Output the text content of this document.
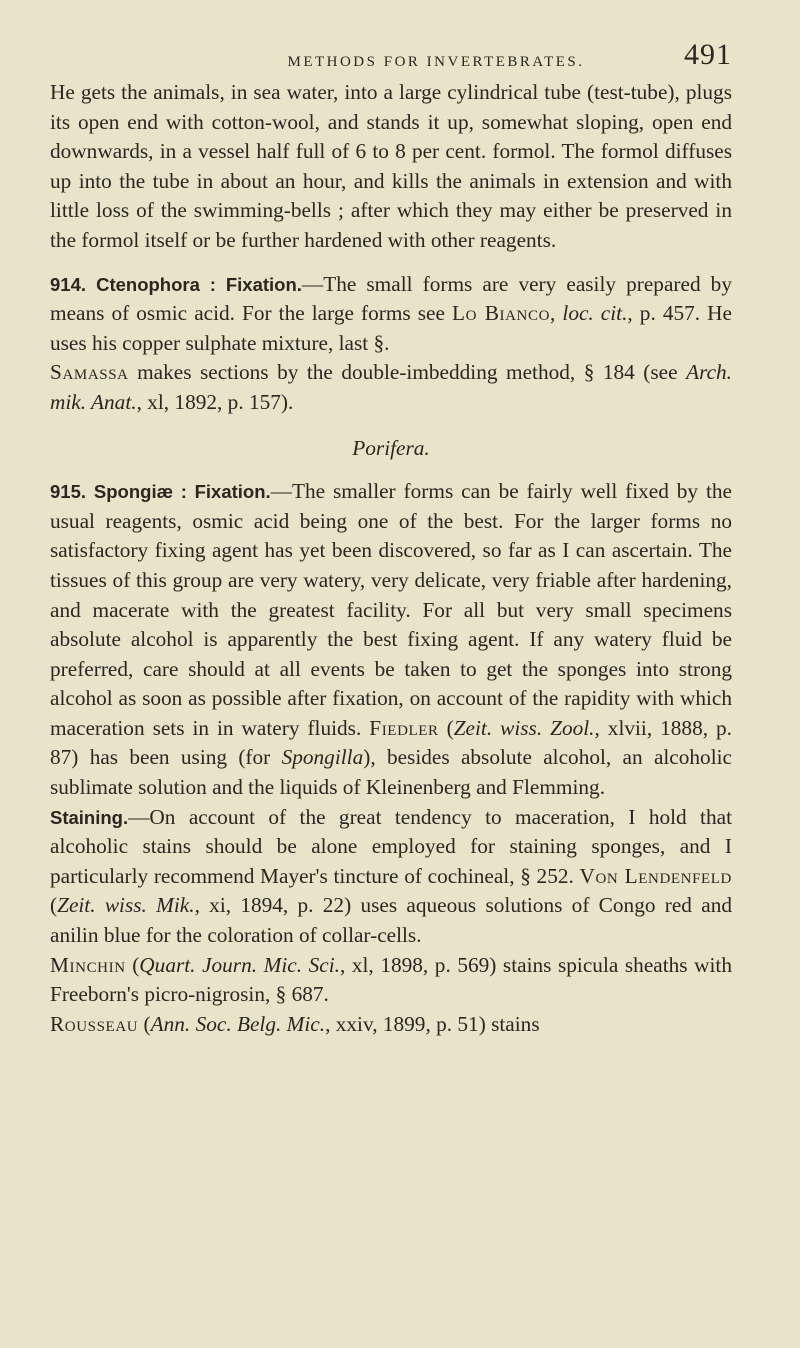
METHODS FOR INVERTEBRATES.	491

He gets the animals, in sea water, into a large cylindrical tube (test-tube), plugs its open end with cotton-wool, and stands it up, somewhat sloping, open end downwards, in a vessel half full of 6 to 8 per cent. formol. The formol diffuses up into the tube in about an hour, and kills the animals in extension and with little loss of the swimming-bells ; after which they may either be preserved in the formol itself or be further hardened with other reagents.

914. Ctenophora : Fixation.—The small forms are very easily prepared by means of osmic acid. For the large forms see Lo Bianco, loc. cit., p. 457. He uses his copper sulphate mixture, last §.

Samassa makes sections by the double-imbedding method, § 184 (see Arch. mik. Anat., xl, 1892, p. 157).

Porifera.

915. Spongiæ : Fixation.—The smaller forms can be fairly well fixed by the usual reagents, osmic acid being one of the best. For the larger forms no satisfactory fixing agent has yet been discovered, so far as I can ascertain. The tissues of this group are very watery, very delicate, very friable after hardening, and macerate with the greatest facility. For all but very small specimens absolute alcohol is apparently the best fixing agent. If any watery fluid be preferred, care should at all events be taken to get the sponges into strong alcohol as soon as possible after fixation, on account of the rapidity with which maceration sets in in watery fluids. Fiedler (Zeit. wiss. Zool., xlvii, 1888, p. 87) has been using (for Spongilla), besides absolute alcohol, an alcoholic sublimate solution and the liquids of Kleinenberg and Flemming.

Staining.—On account of the great tendency to maceration, I hold that alcoholic stains should be alone employed for staining sponges, and I particularly recommend Mayer's tincture of cochineal, § 252. Von Lendenfeld (Zeit. wiss. Mik., xi, 1894, p. 22) uses aqueous solutions of Congo red and anilin blue for the coloration of collar-cells.

Minchin (Quart. Journ. Mic. Sci., xl, 1898, p. 569) stains spicula sheaths with Freeborn's picro-nigrosin, § 687.

Rousseau (Ann. Soc. Belg. Mic., xxiv, 1899, p. 51) stains
